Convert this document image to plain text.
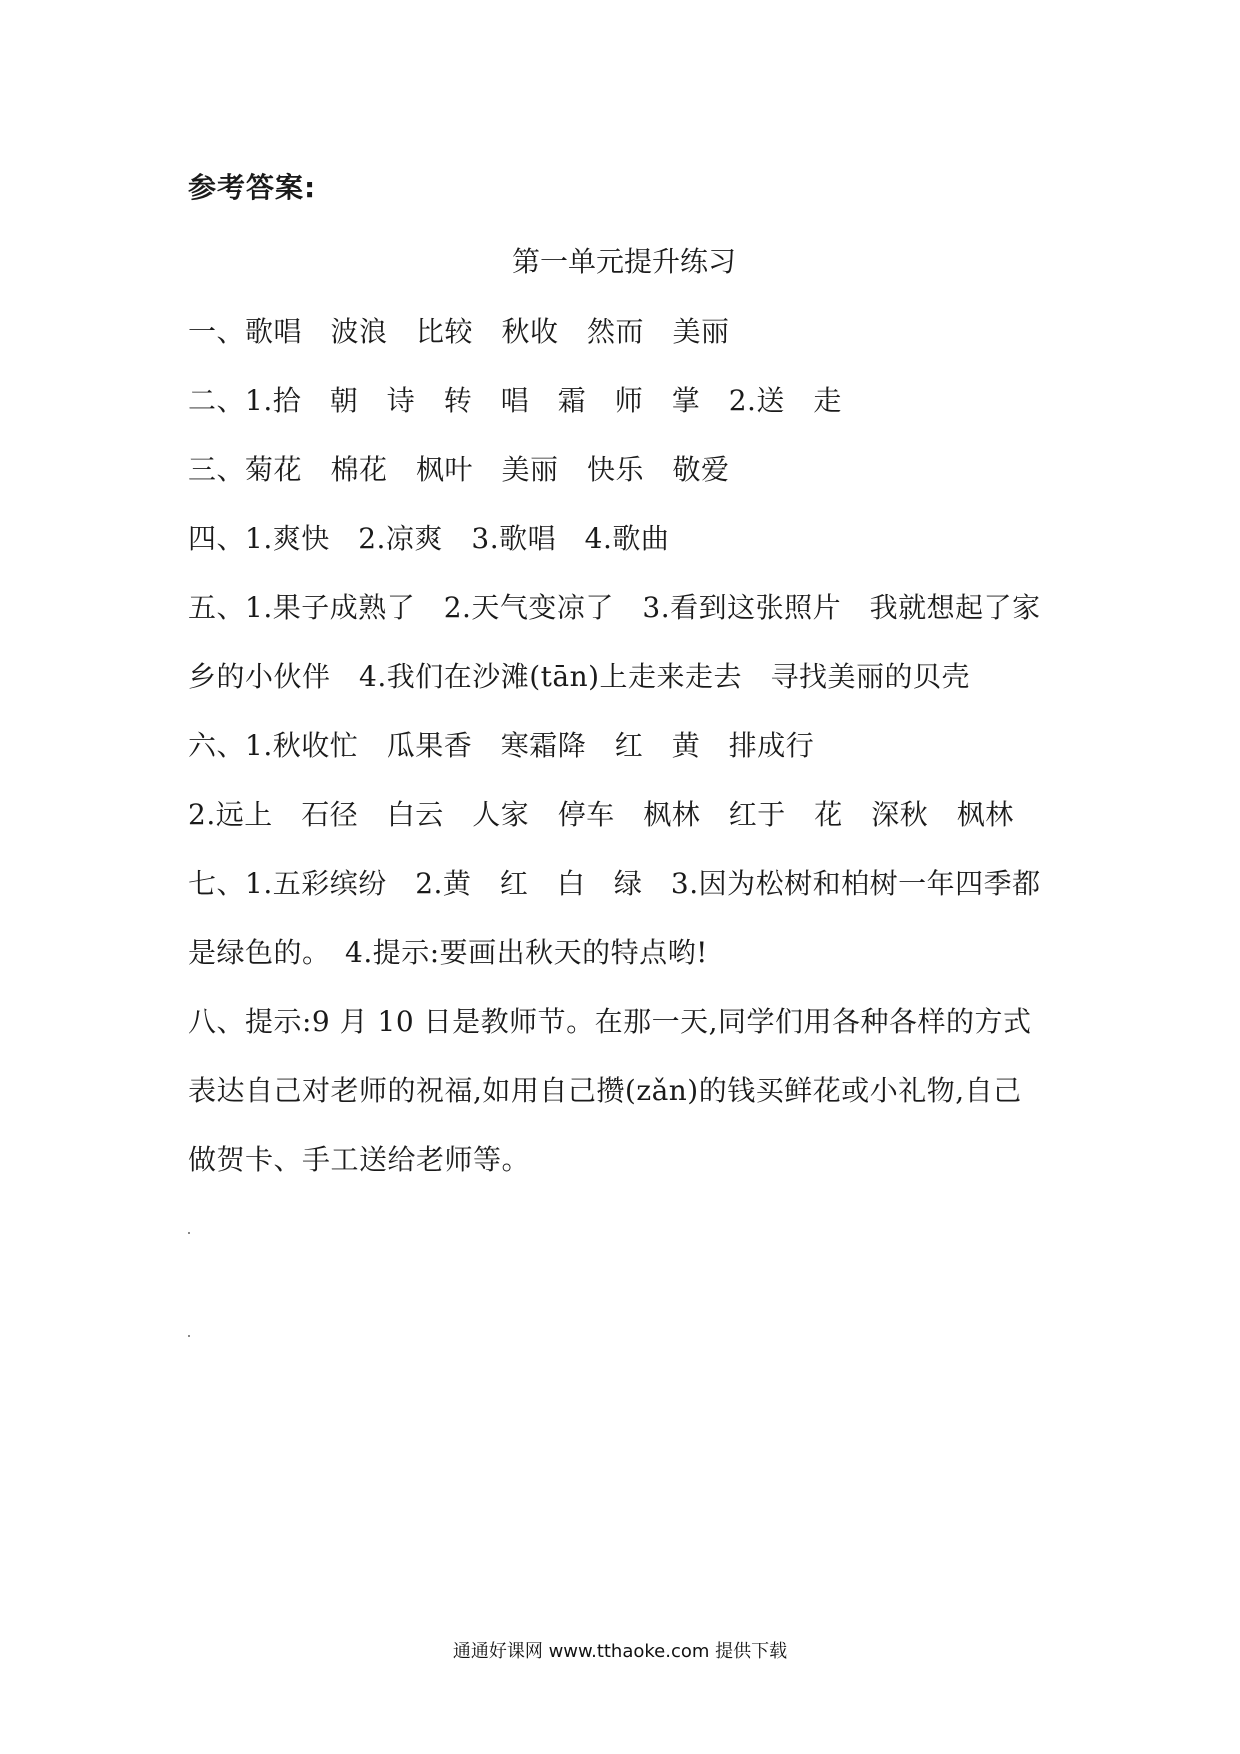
参考答案:
第一单元提升练习
一、歌唱　波浪　比较　秋收　然而　美丽
二、1.拾　朝　诗　转　唱　霜　师　掌　2.送　走
三、菊花　棉花　枫叶　美丽　快乐　敬爱
四、1.爽快　2.凉爽　3.歌唱　4.歌曲
五、1.果子成熟了　2.天气变凉了　3.看到这张照片　我就想起了家
乡的小伙伴　4.我们在沙滩(tān)上走来走去　寻找美丽的贝壳
六、1.秋收忙　瓜果香　寒霜降　红　黄　排成行
2.远上　石径　白云　人家　停车　枫林　红于　花　深秋　枫林
七、1.五彩缤纷　2.黄　红　白　绿　3.因为松树和柏树一年四季都
是绿色的。　4.提示:要画出秋天的特点哟!
八、提示:9 月 10 日是教师节。在那一天,同学们用各种各样的方式
表达自己对老师的祝福,如用自己攒(zǎn)的钱买鲜花或小礼物,自己
做贺卡、手工送给老师等。
通通好课网 www.tthaoke.com 提供下载
